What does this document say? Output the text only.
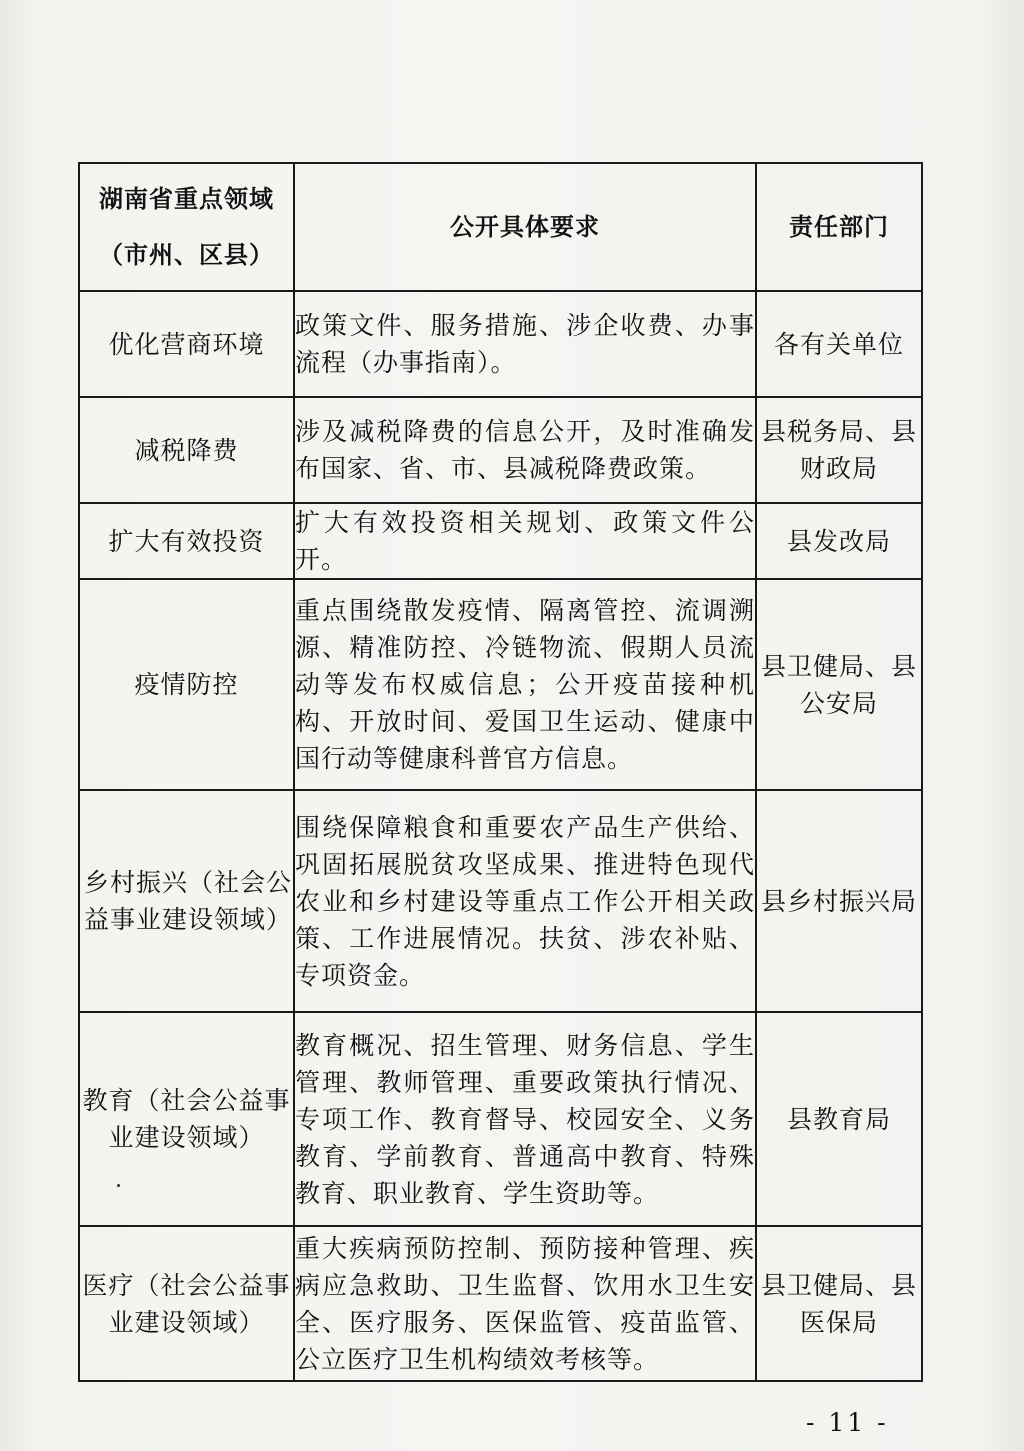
湖南省重点领域
（市州、区县）	公开具体要求	责任部门
优化营商环境	政策文件、服务措施、涉企收费、办事流程（办事指南）。	各有关单位
减税降费	涉及减税降费的信息公开，及时准确发布国家、省、市、县减税降费政策。	县税务局、县财政局
扩大有效投资	扩大有效投资相关规划、政策文件公开。	县发改局
疫情防控	重点围绕散发疫情、隔离管控、流调溯源、精准防控、冷链物流、假期人员流动等发布权威信息；公开疫苗接种机构、开放时间、爱国卫生运动、健康中国行动等健康科普官方信息。	县卫健局、县公安局
乡村振兴（社会公益事业建设领域）	围绕保障粮食和重要农产品生产供给、巩固拓展脱贫攻坚成果、推进特色现代农业和乡村建设等重点工作公开相关政策、工作进展情况。扶贫、涉农补贴、专项资金。	县乡村振兴局
教育（社会公益事业建设领域）	教育概况、招生管理、财务信息、学生管理、教师管理、重要政策执行情况、专项工作、教育督导、校园安全、义务教育、学前教育、普通高中教育、特殊教育、职业教育、学生资助等。	县教育局
医疗（社会公益事业建设领域）	重大疾病预防控制、预防接种管理、疾病应急救助、卫生监督、饮用水卫生安全、医疗服务、医保监管、疫苗监管、公立医疗卫生机构绩效考核等。	县卫健局、县医保局
- 11 -
